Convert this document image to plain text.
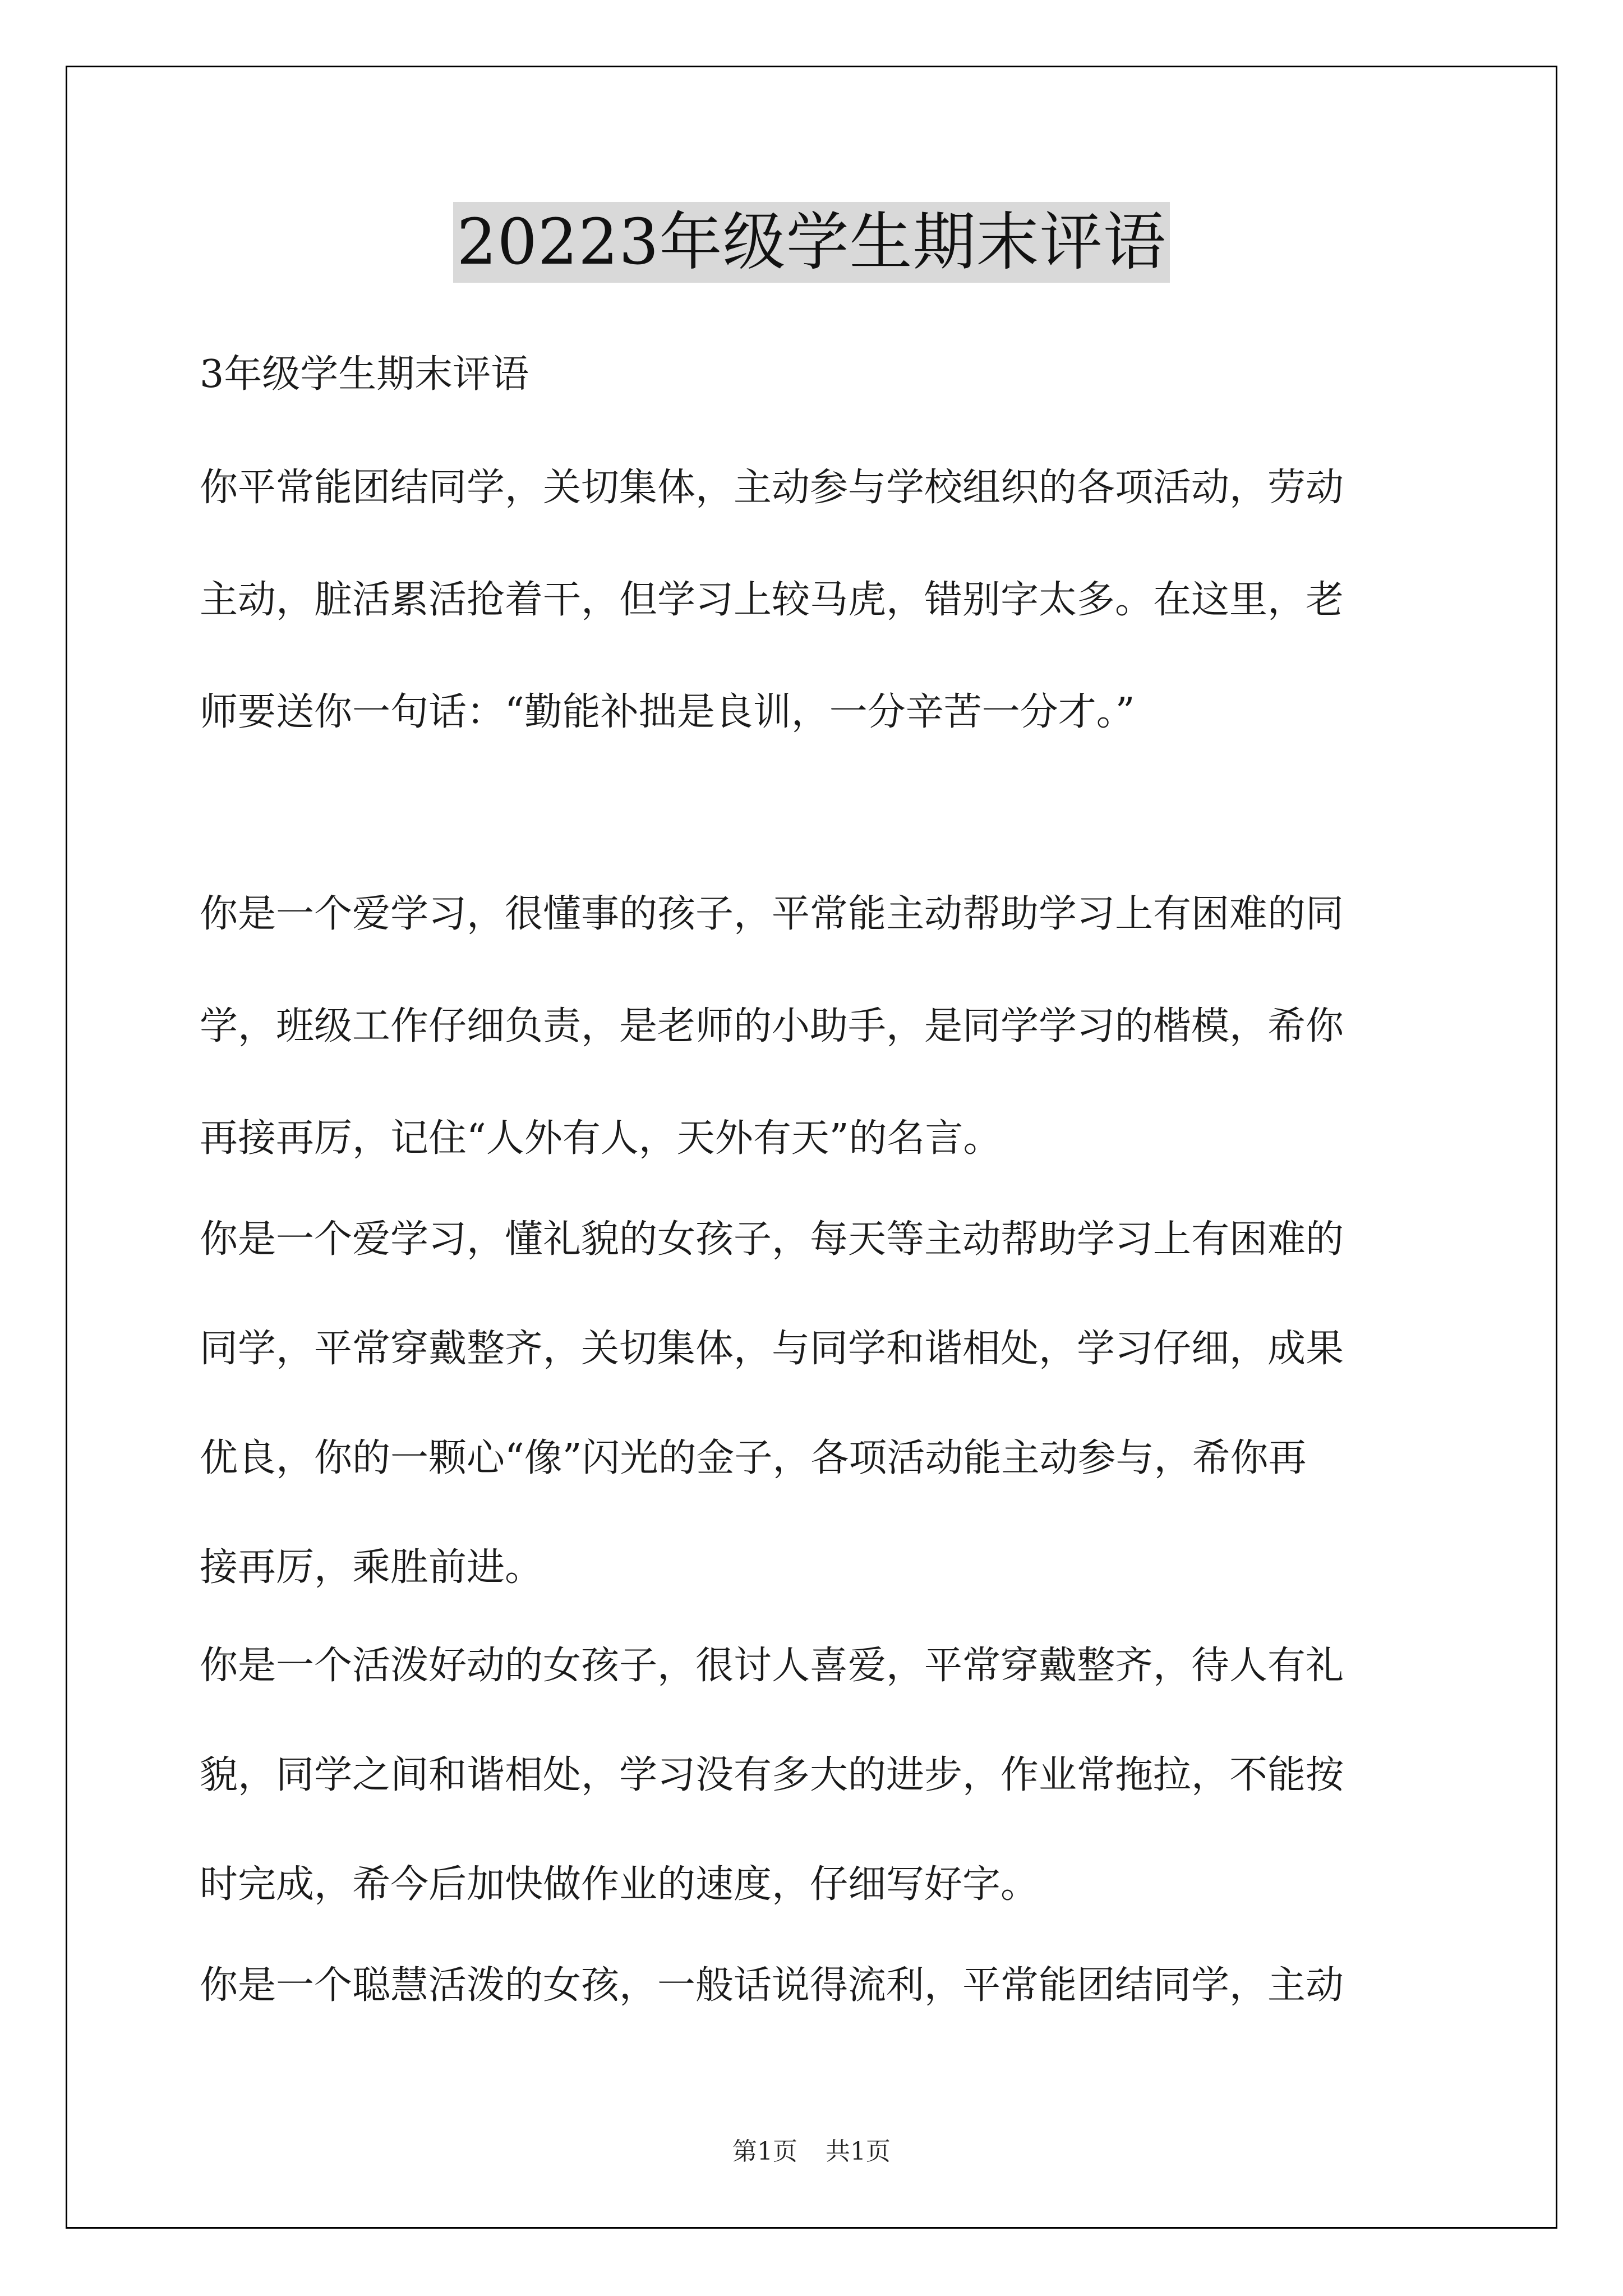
20223年级学生期末评语
3年级学生期末评语
你平常能团结同学，关切集体，主动参与学校组织的各项活动，劳动
主动，脏活累活抢着干，但学习上较马虎，错别字太多。在这里，老
师要送你一句话：“勤能补拙是良训，一分辛苦一分才。”
你是一个爱学习，很懂事的孩子，平常能主动帮助学习上有困难的同
学，班级工作仔细负责，是老师的小助手，是同学学习的楷模，希你
再接再厉，记住“人外有人，天外有天”的名言。
你是一个爱学习，懂礼貌的女孩子，每天等主动帮助学习上有困难的
同学，平常穿戴整齐，关切集体，与同学和谐相处，学习仔细，成果
优良，你的一颗心“像”闪光的金子，各项活动能主动参与，希你再
接再厉，乘胜前进。
你是一个活泼好动的女孩子，很讨人喜爱，平常穿戴整齐，待人有礼
貌，同学之间和谐相处，学习没有多大的进步，作业常拖拉，不能按
时完成，希今后加快做作业的速度，仔细写好字。
你是一个聪慧活泼的女孩，一般话说得流利，平常能团结同学，主动
第1页 共1页
